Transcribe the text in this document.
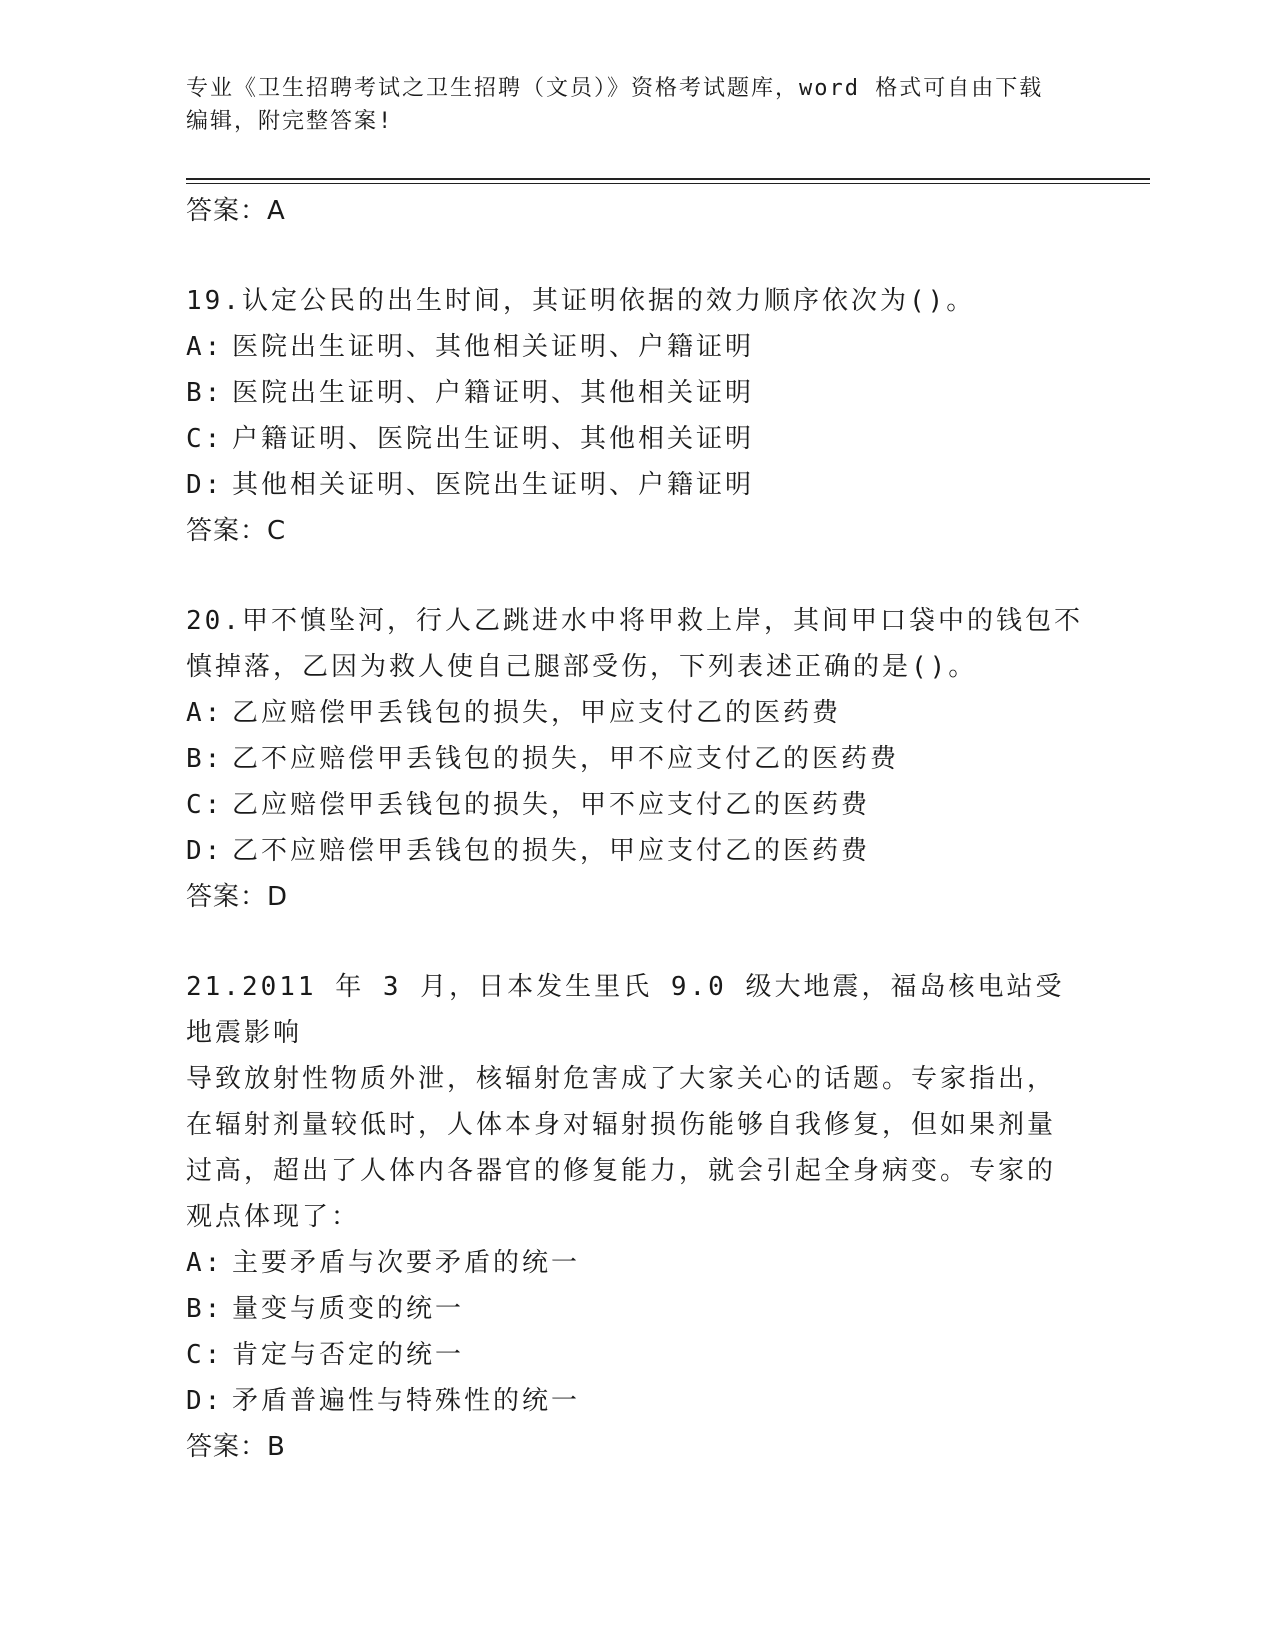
专业《卫生招聘考试之卫生招聘（文员）》资格考试题库，word 格式可自由下载
编辑，附完整答案!
答案：A
19.认定公民的出生时间，其证明依据的效力顺序依次为()。
A: 医院出生证明、其他相关证明、户籍证明
B: 医院出生证明、户籍证明、其他相关证明
C: 户籍证明、医院出生证明、其他相关证明
D: 其他相关证明、医院出生证明、户籍证明
答案：C
20.甲不慎坠河，行人乙跳进水中将甲救上岸，其间甲口袋中的钱包不
慎掉落，乙因为救人使自己腿部受伤，下列表述正确的是()。
A: 乙应赔偿甲丢钱包的损失，甲应支付乙的医药费
B: 乙不应赔偿甲丢钱包的损失，甲不应支付乙的医药费
C: 乙应赔偿甲丢钱包的损失，甲不应支付乙的医药费
D: 乙不应赔偿甲丢钱包的损失，甲应支付乙的医药费
答案：D
21.2011 年 3 月，日本发生里氏 9.0 级大地震，福岛核电站受地震影响
导致放射性物质外泄，核辐射危害成了大家关心的话题。专家指出，
在辐射剂量较低时，人体本身对辐射损伤能够自我修复，但如果剂量
过高，超出了人体内各器官的修复能力，就会引起全身病变。专家的
观点体现了：
A: 主要矛盾与次要矛盾的统一
B: 量变与质变的统一
C: 肯定与否定的统一
D: 矛盾普遍性与特殊性的统一
答案：B
